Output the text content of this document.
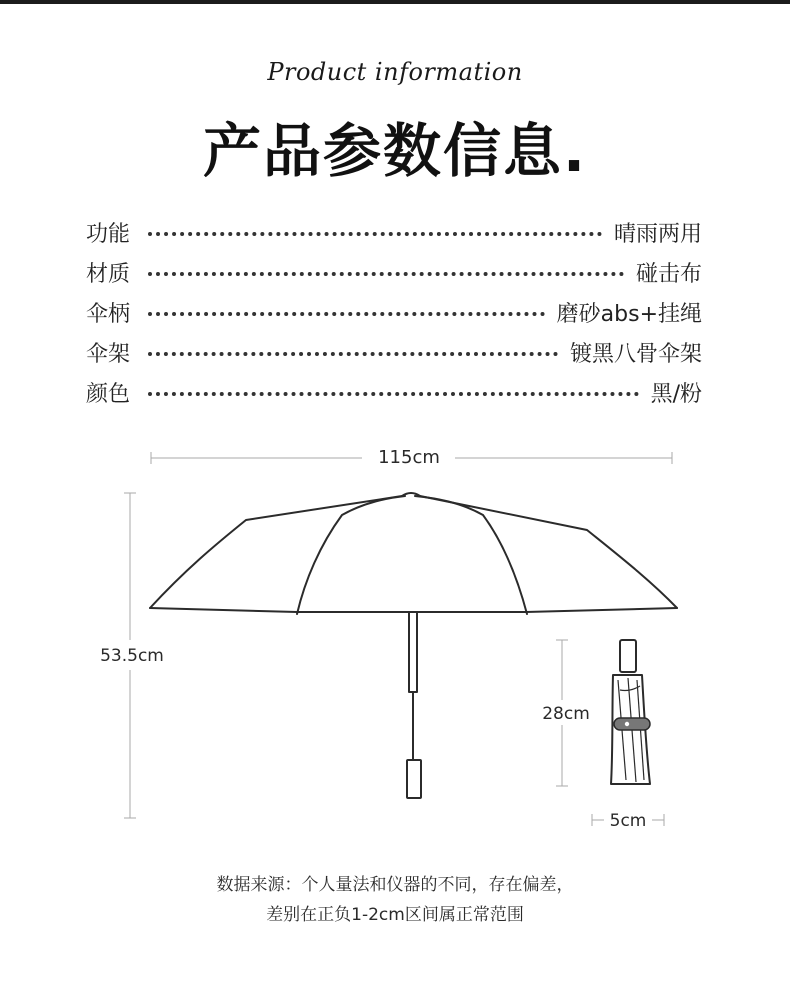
Product information
产品参数信息.
功能	晴雨两用
材质	碰击布
伞柄	磨砂abs+挂绳
伞架	镀黑八骨伞架
颜色	黑/粉
115cm
53.5cm
28cm
5cm
数据来源：个人量法和仪器的不同，存在偏差，
差别在正负1-2cm区间属正常范围
